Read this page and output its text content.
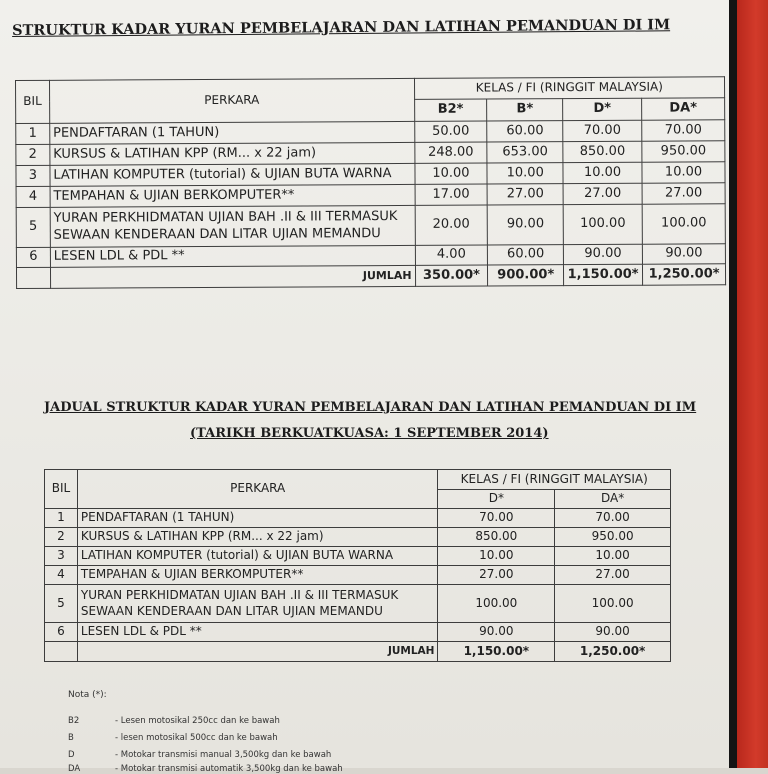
STRUKTUR KADAR YURAN PEMBELAJARAN DAN LATIHAN PEMANDUAN DI IM
BIL	PERKARA	KELAS / FI (RINGGIT MALAYSIA)			
		B2*	B*	D*	DA*
1	PENDAFTARAN (1 TAHUN)	50.00	60.00	70.00	70.00
2	KURSUS & LATIHAN KPP (RM... x 22 jam)	248.00	653.00	850.00	950.00
3	LATIHAN KOMPUTER (tutorial) & UJIAN BUTA WARNA	10.00	10.00	10.00	10.00
4	TEMPAHAN & UJIAN BERKOMPUTER**	17.00	27.00	27.00	27.00
5	YURAN PERKHIDMATAN UJIAN BAH .II & III TERMASUK
SEWAAN KENDERAAN DAN LITAR UJIAN MEMANDU	20.00	90.00	100.00	100.00
6	LESEN LDL & PDL **	4.00	60.00	90.00	90.00
	JUMLAH	350.00*	900.00*	1,150.00*	1,250.00*
JADUAL STRUKTUR KADAR YURAN PEMBELAJARAN DAN LATIHAN PEMANDUAN DI IM
(TARIKH BERKUATKUASA: 1 SEPTEMBER 2014)
BIL	PERKARA	KELAS / FI (RINGGIT MALAYSIA)	
		D*	DA*
1	PENDAFTARAN (1 TAHUN)	70.00	70.00
2	KURSUS & LATIHAN KPP (RM... x 22 jam)	850.00	950.00
3	LATIHAN KOMPUTER (tutorial) & UJIAN BUTA WARNA	10.00	10.00
4	TEMPAHAN & UJIAN BERKOMPUTER**	27.00	27.00
5	YURAN PERKHIDMATAN UJIAN BAH .II & III TERMASUK
SEWAAN KENDERAAN DAN LITAR UJIAN MEMANDU	100.00	100.00
6	LESEN LDL & PDL **	90.00	90.00
	JUMLAH	1,150.00*	1,250.00*
Nota (*):
B2	- Lesen motosikal 250cc dan ke bawah
B	- lesen motosikal 500cc dan ke bawah
D	- Motokar transmisi manual 3,500kg dan ke bawah
DA	- Motokar transmisi automatik 3,500kg dan ke bawah
